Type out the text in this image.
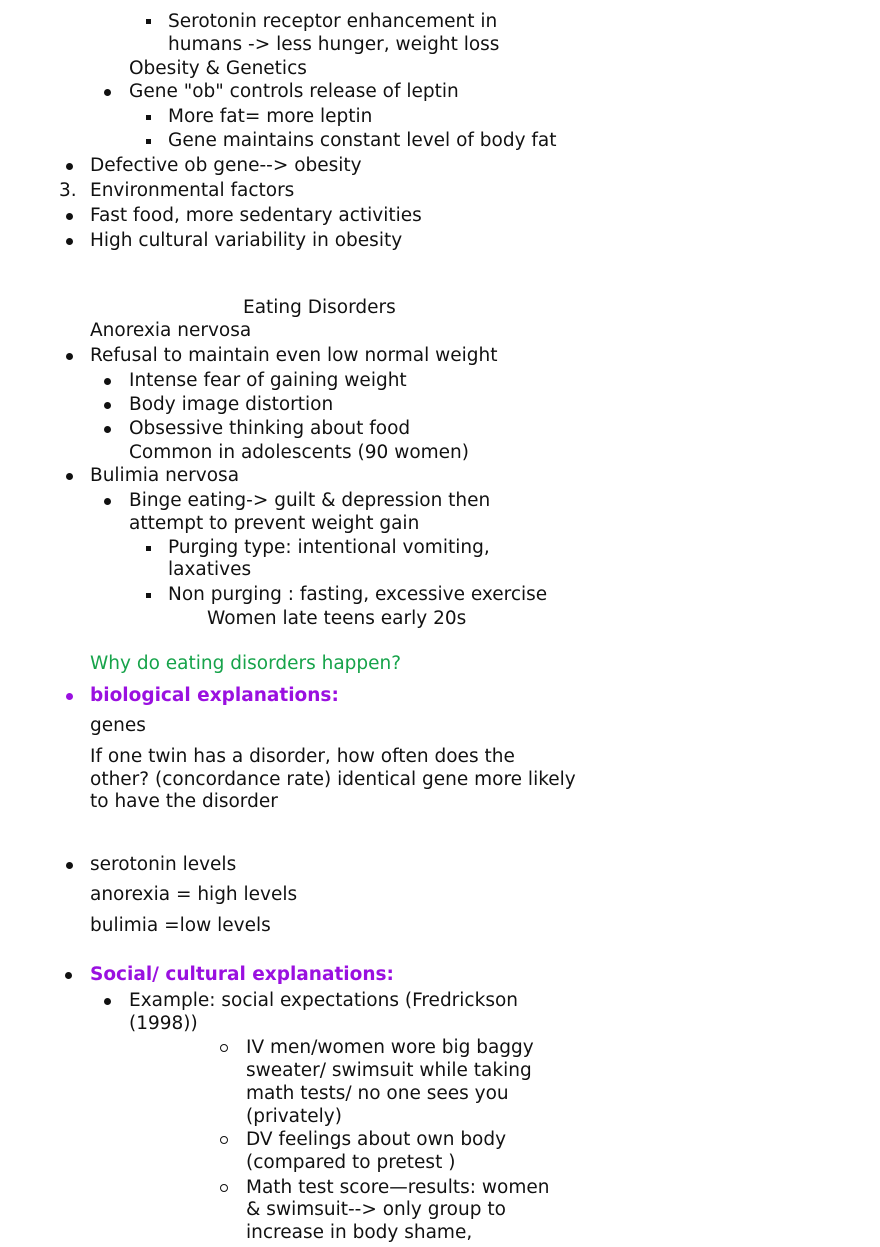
Serotonin receptor enhancement in
humans -> less hunger, weight loss
Obesity & Genetics
Gene "ob" controls release of leptin
More fat= more leptin
Gene maintains constant level of body fat
Defective ob gene--> obesity
3. Environmental factors
Fast food, more sedentary activities
High cultural variability in obesity
Eating Disorders
Anorexia nervosa
Refusal to maintain even low normal weight
Intense fear of gaining weight
Body image distortion
Obsessive thinking about food
Common in adolescents (90 women)
Bulimia nervosa
Binge eating-> guilt & depression then
attempt to prevent weight gain
Purging type: intentional vomiting,
laxatives
Non purging : fasting, excessive exercise
Women late teens early 20s
Why do eating disorders happen?
biological explanations:
genes
If one twin has a disorder, how often does the
other? (concordance rate) identical gene more likely
to have the disorder
serotonin levels
anorexia = high levels
bulimia =low levels
Social/ cultural explanations:
Example: social expectations (Fredrickson
(1998))
IV men/women wore big baggy
sweater/ swimsuit while taking
math tests/ no one sees you
(privately)
DV feelings about own body
(compared to pretest )
Math test score—results: women
& swimsuit--> only group to
increase in body shame,
